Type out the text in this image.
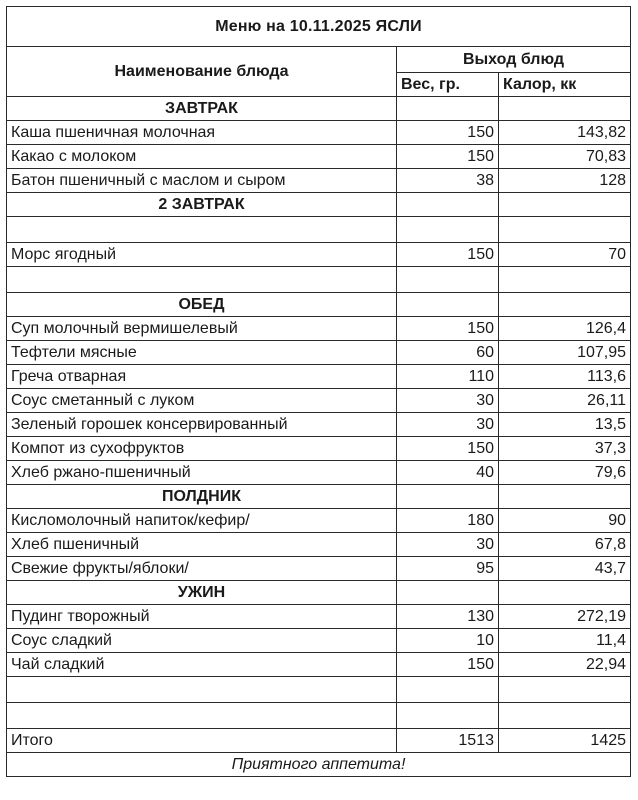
Меню на 10.11.2025 ЯСЛИ		
Наименование блюда	Выход блюд	
	Вес, гр.	Калор, кк
ЗАВТРАК		
Каша пшеничная молочная	150	143,82
Какао с молоком	150	70,83
Батон пшеничный с маслом и сыром	38	128
2 ЗАВТРАК		

Морс ягодный	150	70

ОБЕД		
Суп молочный вермишелевый	150	126,4
Тефтели мясные	60	107,95
Греча отварная	110	113,6
Соус сметанный с луком	30	26,11
Зеленый горошек консервированный	30	13,5
Компот из сухофруктов	150	37,3
Хлеб ржано-пшеничный	40	79,6
ПОЛДНИК		
Кисломолочный напиток/кефир/	180	90
Хлеб пшеничный	30	67,8
Свежие фрукты/яблоки/	95	43,7
УЖИН		
Пудинг творожный	130	272,19
Соус сладкий	10	11,4
Чай сладкий	150	22,94

Итого	1513	1425
Приятного аппетита!		
